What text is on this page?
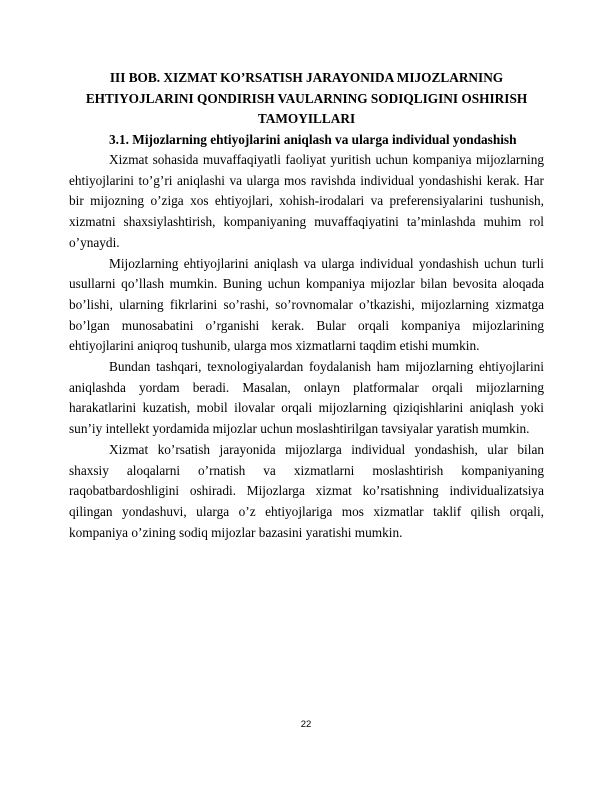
III BOB. XIZMAT KO’RSATISH JARAYONIDA MIJOZLARNING EHTIYOJLARINI QONDIRISH VAULARNING SODIQLIGINI OSHIRISH TAMOYILLARI
3.1. Mijozlarning ehtiyojlarini aniqlash va ularga individual yondashish

Xizmat sohasida muvaffaqiyatli faoliyat yuritish uchun kompaniya mijozlarning ehtiyojlarini to’g’ri aniqlashi va ularga mos ravishda individual yondashishi kerak. Har bir mijozning o’ziga xos ehtiyojlari, xohish-irodalari va preferensiyalarini tushunish, xizmatni shaxsiylashtirish, kompaniyaning muvaffaqiyatini ta’minlashda muhim rol o’ynaydi.

Mijozlarning ehtiyojlarini aniqlash va ularga individual yondashish uchun turli usullarni qo’llash mumkin. Buning uchun kompaniya mijozlar bilan bevosita aloqada bo’lishi, ularning fikrlarini so’rashi, so’rovnomalar o’tkazishi, mijozlarning xizmatga bo’lgan munosabatini o’rganishi kerak. Bular orqali kompaniya mijozlarining ehtiyojlarini aniqroq tushunib, ularga mos xizmatlarni taqdim etishi mumkin.

Bundan tashqari, texnologiyalardan foydalanish ham mijozlarning ehtiyojlarini aniqlashda yordam beradi. Masalan, onlayn platformalar orqali mijozlarning harakatlarini kuzatish, mobil ilovalar orqali mijozlarning qiziqishlarini aniqlash yoki sun’iy intellekt yordamida mijozlar uchun moslashtirilgan tavsiyalar yaratish mumkin.

Xizmat ko’rsatish jarayonida mijozlarga individual yondashish, ular bilan shaxsiy aloqalarni o’rnatish va xizmatlarni moslashtirish kompaniyaning raqobatbardoshligini oshiradi. Mijozlarga xizmat ko’rsatishning individualizatsiya qilingan yondashuvi, ularga o’z ehtiyojlariga mos xizmatlar taklif qilish orqali, kompaniya o’zining sodiq mijozlar bazasini yaratishi mumkin.

22
